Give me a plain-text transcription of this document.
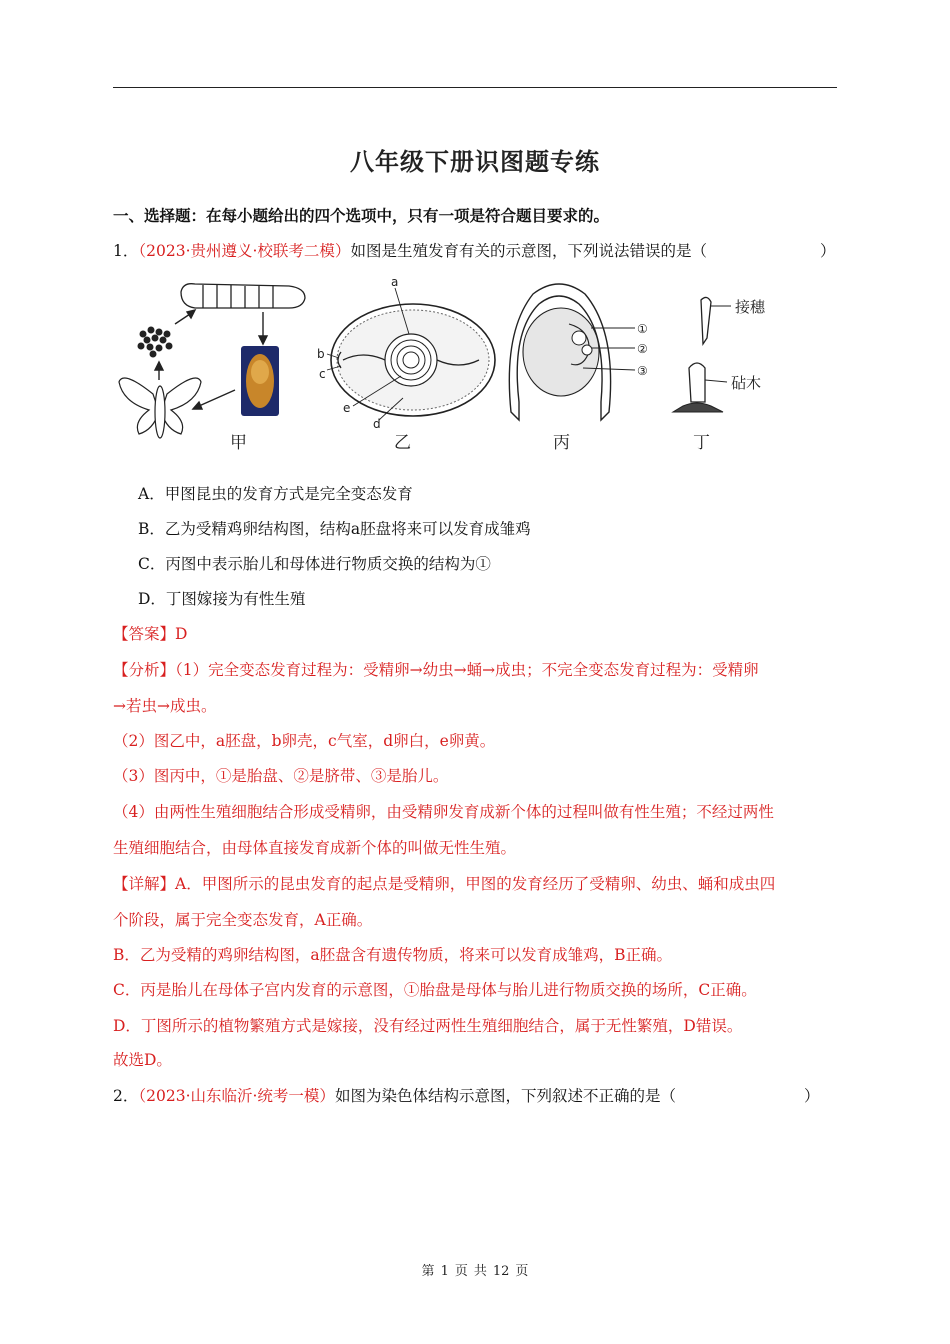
八年级下册识图题专练
一、选择题：在每小题给出的四个选项中，只有一项是符合题目要求的。
1．（2023·贵州遵义·校联考二模）如图是生殖发育有关的示意图，下列说法错误的是（	）
甲
a
b
c
d
e
乙
①
②
③
丙
接穗
砧木
丁
A．甲图昆虫的发育方式是完全变态发育
B．乙为受精鸡卵结构图，结构a胚盘将来可以发育成雏鸡
C．丙图中表示胎儿和母体进行物质交换的结构为①
D．丁图嫁接为有性生殖
【答案】D
【分析】（1）完全变态发育过程为：受精卵→幼虫→蛹→成虫；不完全变态发育过程为：受精卵
→若虫→成虫。
（2）图乙中，a胚盘，b卵壳，c气室，d卵白，e卵黄。
（3）图丙中，①是胎盘、②是脐带、③是胎儿。
（4）由两性生殖细胞结合形成受精卵，由受精卵发育成新个体的过程叫做有性生殖；不经过两性
生殖细胞结合，由母体直接发育成新个体的叫做无性生殖。
【详解】A．甲图所示的昆虫发育的起点是受精卵，甲图的发育经历了受精卵、幼虫、蛹和成虫四
个阶段，属于完全变态发育，A正确。
B．乙为受精的鸡卵结构图，a胚盘含有遗传物质，将来可以发育成雏鸡，B正确。
C．丙是胎儿在母体子宫内发育的示意图，①胎盘是母体与胎儿进行物质交换的场所，C正确。
D．丁图所示的植物繁殖方式是嫁接，没有经过两性生殖细胞结合，属于无性繁殖，D错误。
故选D。
2．（2023·山东临沂·统考一模）如图为染色体结构示意图，下列叙述不正确的是（	）
第 1 页 共 12 页
